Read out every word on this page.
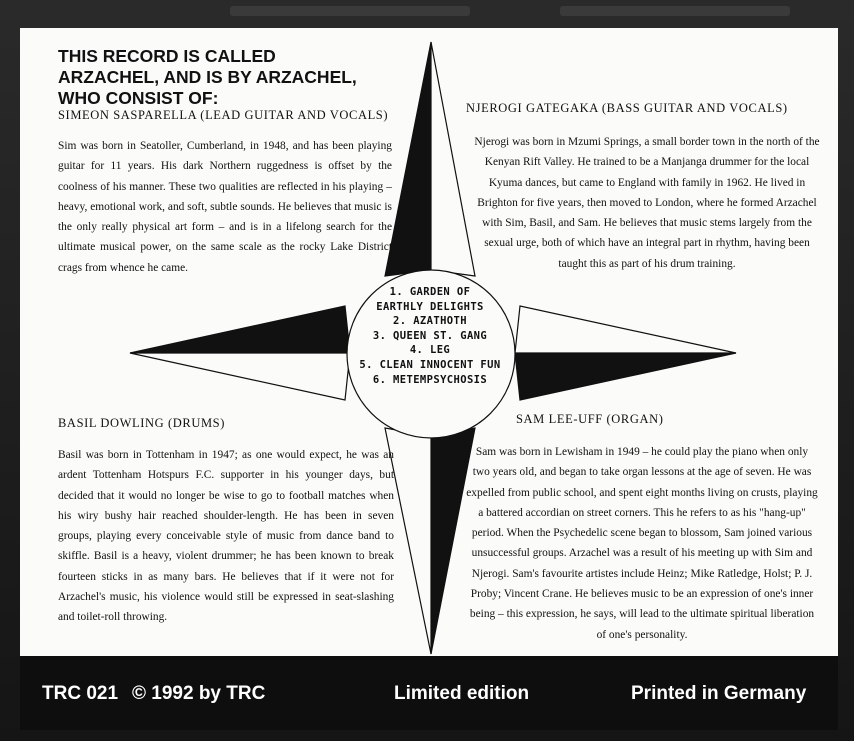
THIS RECORD IS CALLED ARZACHEL, AND IS BY ARZACHEL, WHO CONSIST OF:
SIMEON SASPARELLA (LEAD GUITAR AND VOCALS)

Sim was born in Seatoller, Cumberland, in 1948, and has been playing guitar for 11 years. His dark Northern ruggedness is offset by the coolness of his manner. These two qualities are reflected in his playing – heavy, emotional work, and soft, subtle sounds. He believes that music is the only really physical art form – and is in a lifelong search for the ultimate musical power, on the same scale as the rocky Lake District crags from whence he came.

NJEROGI GATEGAKA (BASS GUITAR AND VOCALS)

Njerogi was born in Mzumi Springs, a small border town in the north of the Kenyan Rift Valley. He trained to be a Manjanga drummer for the local Kyuma dances, but came to England with family in 1962. He lived in Brighton for five years, then moved to London, where he formed Arzachel with Sim, Basil, and Sam. He believes that music stems largely from the sexual urge, both of which have an integral part in rhythm, having been taught this as part of his drum training.

BASIL DOWLING (DRUMS)

Basil was born in Tottenham in 1947; as one would expect, he was an ardent Tottenham Hotspurs F.C. supporter in his younger days, but decided that it would no longer be wise to go to football matches when his wiry bushy hair reached shoulder-length. He has been in seven groups, playing every conceivable style of music from dance band to skiffle. Basil is a heavy, violent drummer; he has been known to break fourteen sticks in as many bars. He believes that if it were not for Arzachel's music, his violence would still be expressed in seat-slashing and toilet-roll throwing.

SAM LEE-UFF (ORGAN)

Sam was born in Lewisham in 1949 – he could play the piano when only two years old, and began to take organ lessons at the age of seven. He was expelled from public school, and spent eight months living on crusts, playing a battered accordian on street corners. This he refers to as his "hang-up" period. When the Psychedelic scene began to blossom, Sam joined various unsuccessful groups. Arzachel was a result of his meeting up with Sim and Njerogi. Sam's favourite artistes include Heinz; Mike Ratledge, Holst; P. J. Proby; Vincent Crane. He believes music to be an expression of one's inner being – this expression, he says, will lead to the ultimate spiritual liberation of one's personality.

1. GARDEN OF
EARTHLY DELIGHTS
2. AZATHOTH
3. QUEEN ST. GANG
4. LEG
5. CLEAN INNOCENT FUN
6. METEMPSYCHOSIS
TRC 021 © 1992 by TRC	Limited edition	Printed in Germany
